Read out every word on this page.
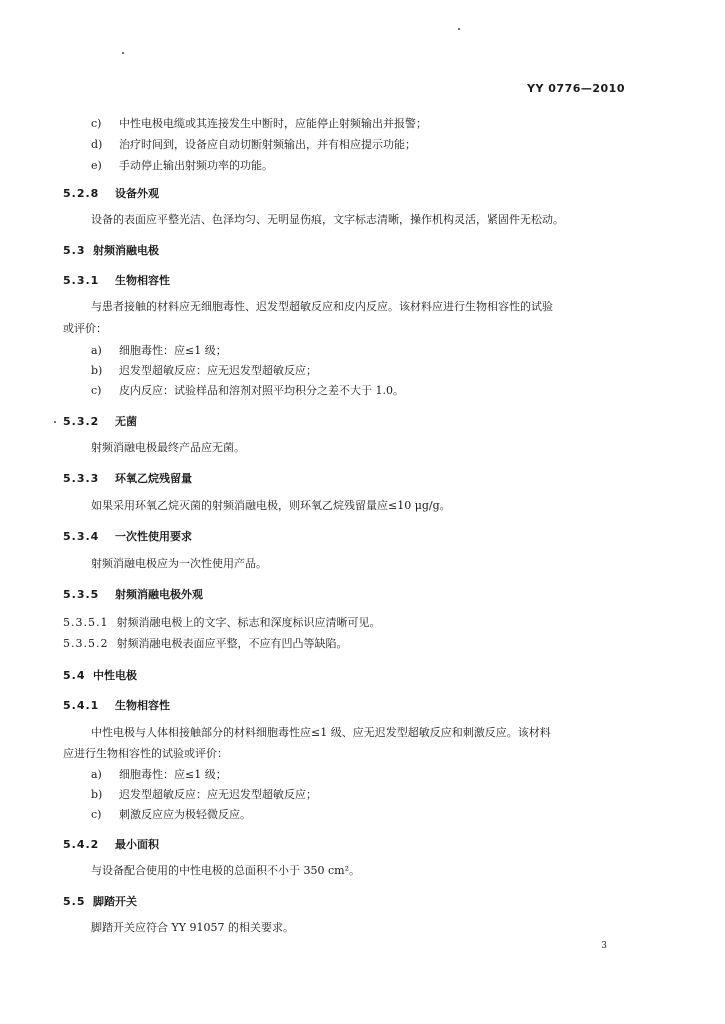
YY 0776—2010
c) 中性电极电缆或其连接发生中断时，应能停止射频输出并报警；
d) 治疗时间到，设备应自动切断射频输出，并有相应提示功能；
e) 手动停止输出射频功率的功能。
5.2.8 设备外观
设备的表面应平整光洁、色泽均匀、无明显伤痕，文字标志清晰，操作机构灵活，紧固件无松动。
5.3 射频消融电极
5.3.1 生物相容性
与患者接触的材料应无细胞毒性、迟发型超敏反应和皮内反应。该材料应进行生物相容性的试验
或评价：
a) 细胞毒性：应≤1 级；
b) 迟发型超敏反应：应无迟发型超敏反应；
c) 皮内反应：试验样品和溶剂对照平均积分之差不大于 1.0。
5.3.2 无菌
射频消融电极最终产品应无菌。
5.3.3 环氧乙烷残留量
如果采用环氧乙烷灭菌的射频消融电极，则环氧乙烷残留量应≤10 μg/g。
5.3.4 一次性使用要求
射频消融电极应为一次性使用产品。
5.3.5 射频消融电极外观
5.3.5.1 射频消融电极上的文字、标志和深度标识应清晰可见。
5.3.5.2 射频消融电极表面应平整，不应有凹凸等缺陷。
5.4 中性电极
5.4.1 生物相容性
中性电极与人体相接触部分的材料细胞毒性应≤1 级、应无迟发型超敏反应和刺激反应。该材料
应进行生物相容性的试验或评价：
a) 细胞毒性：应≤1 级；
b) 迟发型超敏反应：应无迟发型超敏反应；
c) 刺激反应应为极轻微反应。
5.4.2 最小面积
与设备配合使用的中性电极的总面积不小于 350 cm²。
5.5 脚踏开关
脚踏开关应符合 YY 91057 的相关要求。
3
